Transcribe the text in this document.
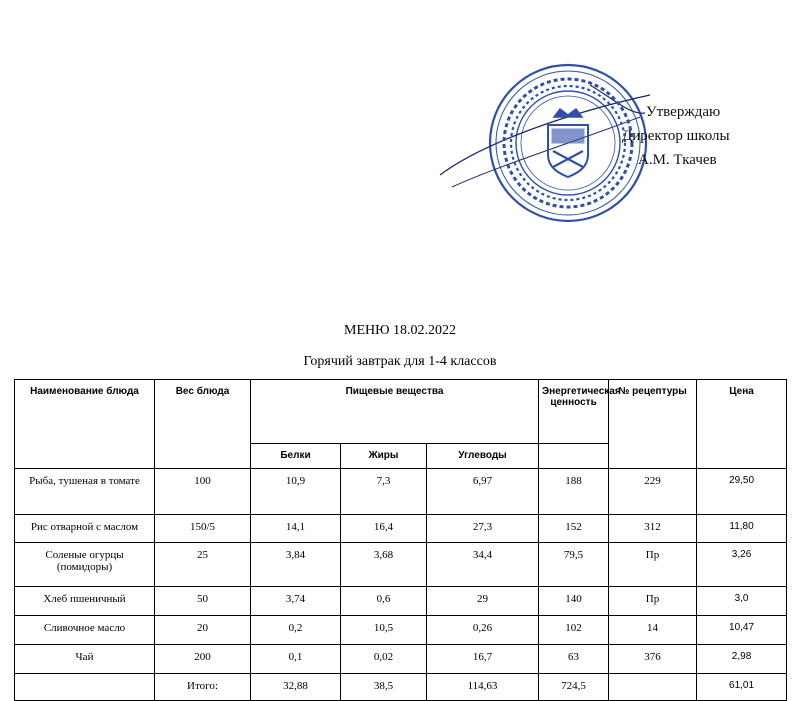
Утверждаю
Директор школы
А.М. Ткачев
МЕНЮ 18.02.2022
Горячий завтрак для 1-4 классов
Наименование блюда	Вес блюда	Пищевые вещества			Энергетическая ценность	№ рецептуры	Цена
		Белки	Жиры	Углеводы			
Рыба, тушеная в томате	100	10,9	7,3	6,97	188	229	29,50
Рис отварной с маслом	150/5	14,1	16,4	27,3	152	312	11,80
Соленые огурцы (помидоры)	25	3,84	3,68	34,4	79,5	Пр	3,26
Хлеб пшеничный	50	3,74	0,6	29	140	Пр	3,0
Сливочное масло	20	0,2	10,5	0,26	102	14	10,47
Чай	200	0,1	0,02	16,7	63	376	2,98
	Итого:	32,88	38,5	114,63	724,5		61,01
